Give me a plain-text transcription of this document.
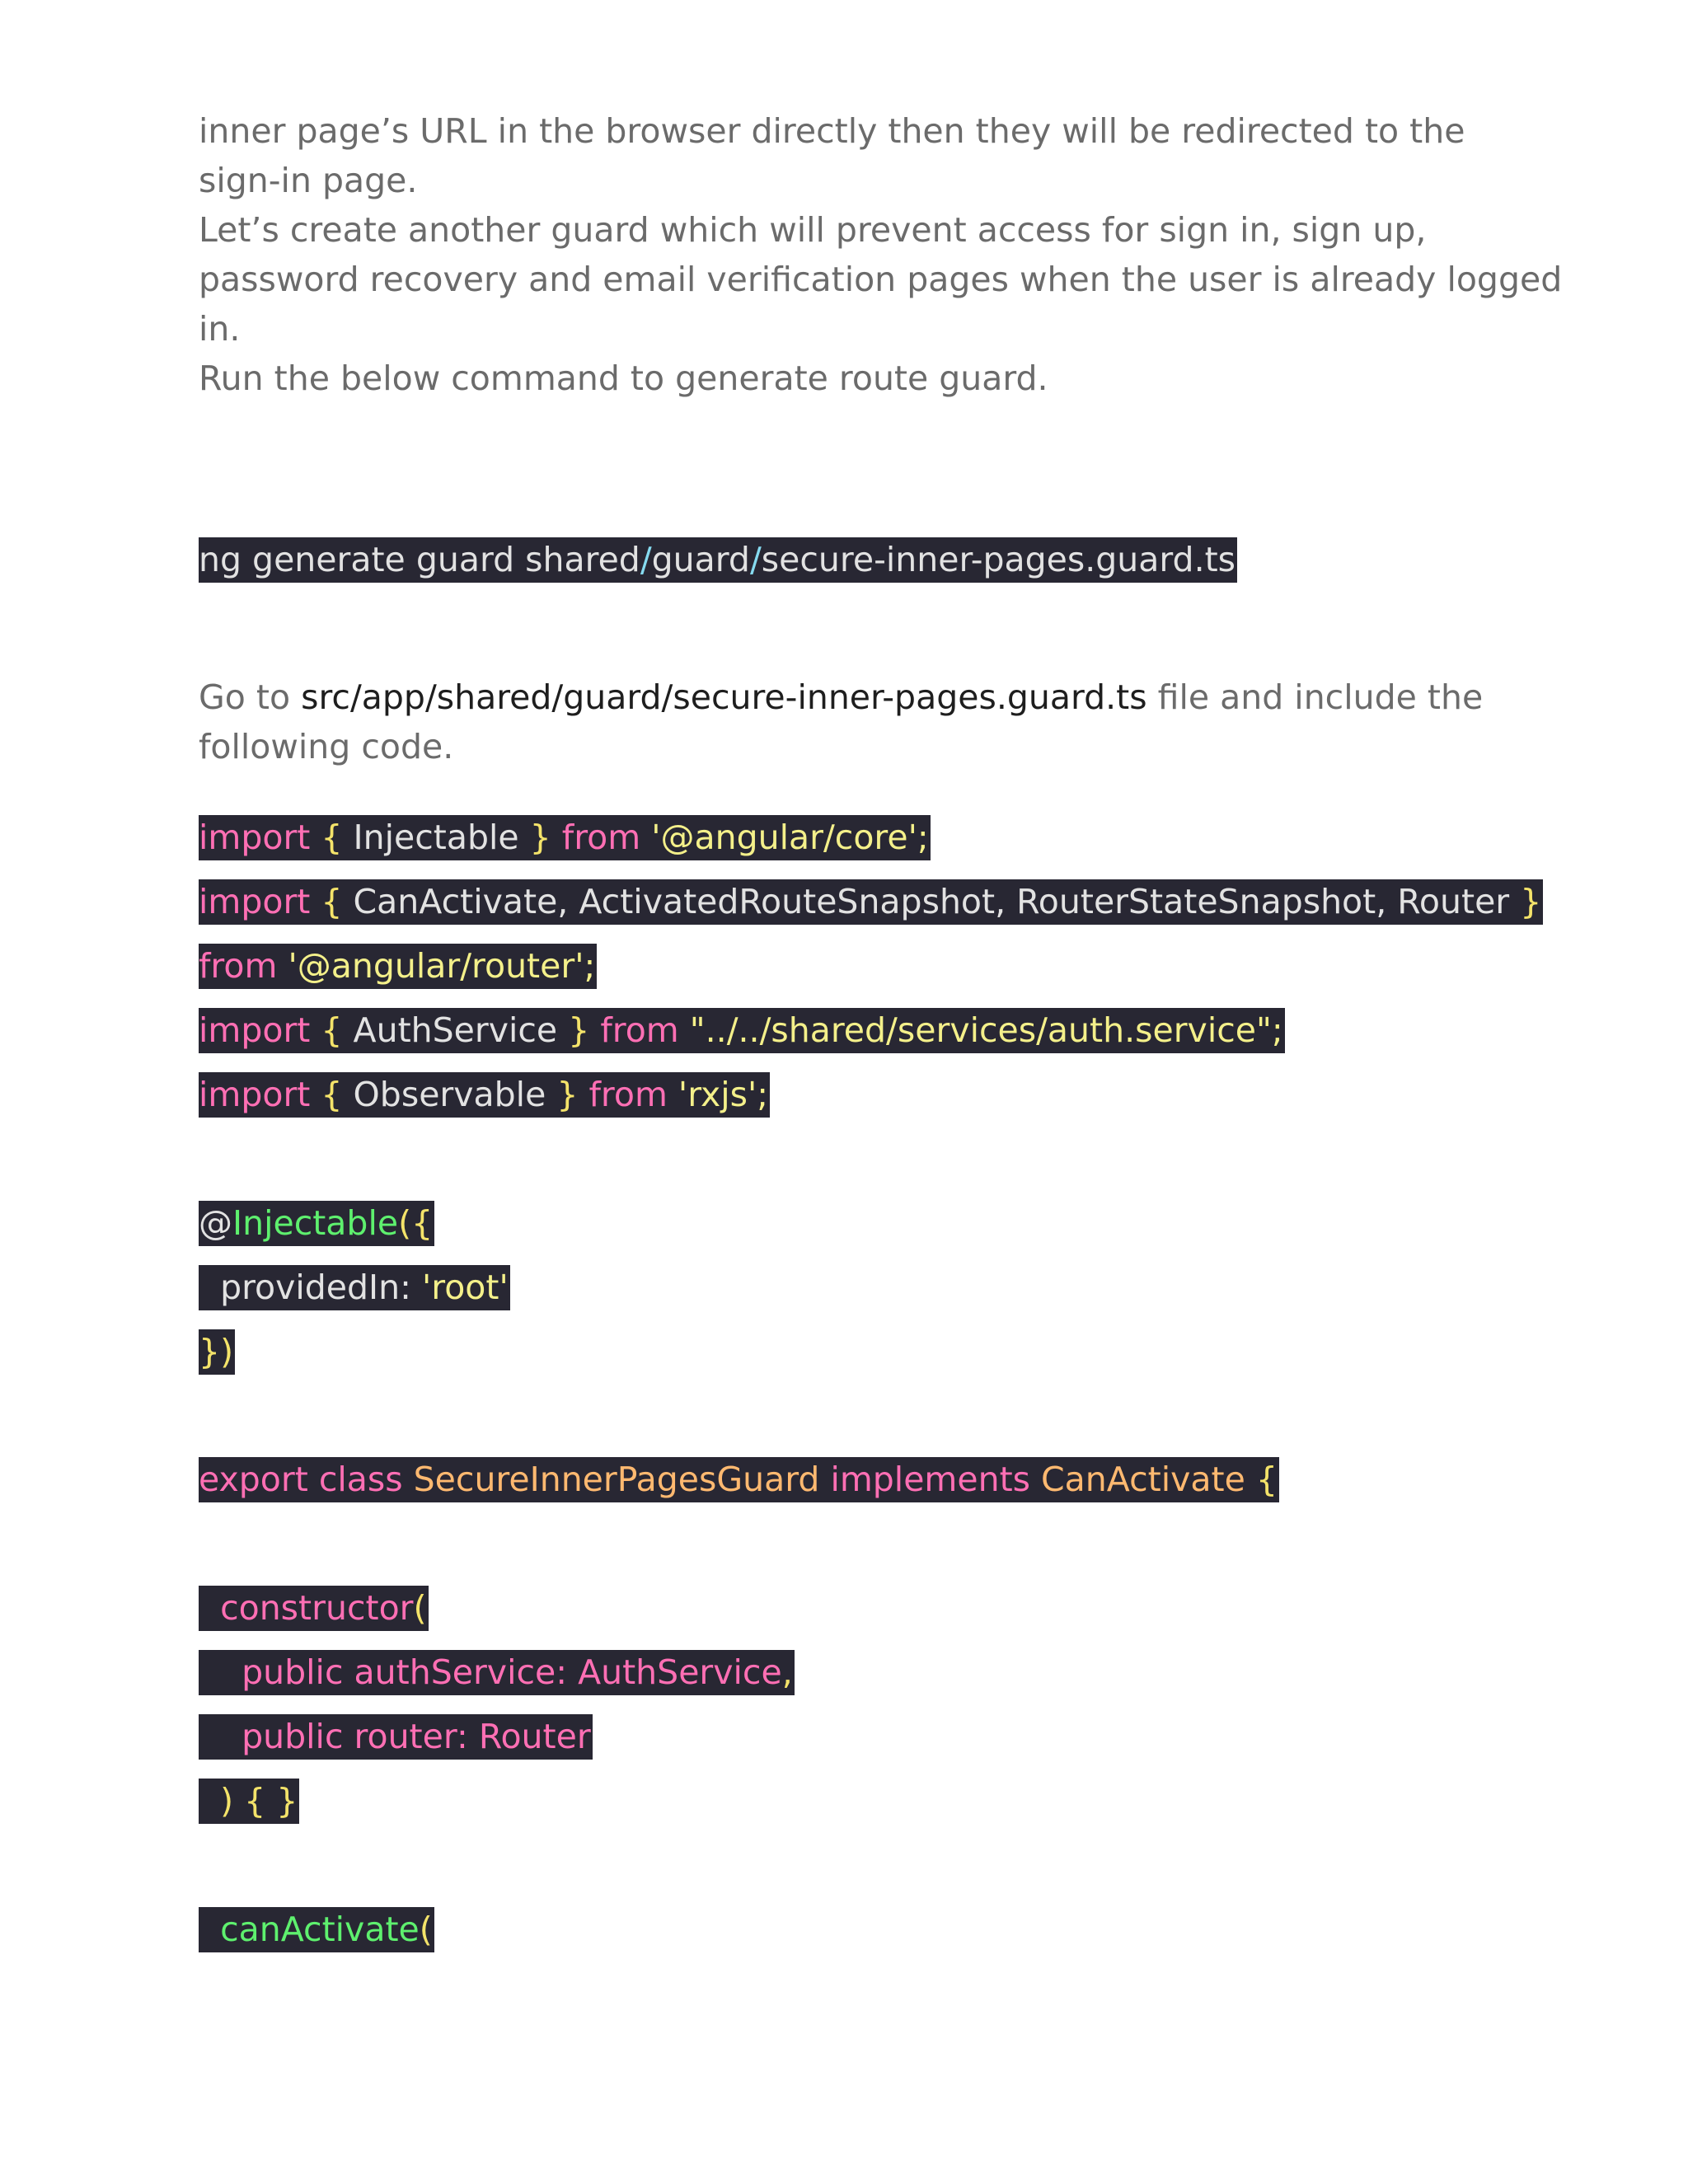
inner page’s URL in the browser directly then they will be redirected to the

sign-in page.

Let’s create another guard which will prevent access for sign in, sign up,

password recovery and email verification pages when the user is already logged

in.

Run the below command to generate route guard.

ng generate guard shared/guard/secure-inner-pages.guard.ts

Go to src/app/shared/guard/secure-inner-pages.guard.ts file and include the

following code.

import { Injectable } from '@angular/core';
import { CanActivate, ActivatedRouteSnapshot, RouterStateSnapshot, Router }
from '@angular/router';
import { AuthService } from "../../shared/services/auth.service";
import { Observable } from 'rxjs';
@Injectable({
providedIn: 'root'
})
export class SecureInnerPagesGuard implements CanActivate {
constructor(
public authService: AuthService,
public router: Router
) { }
canActivate(
